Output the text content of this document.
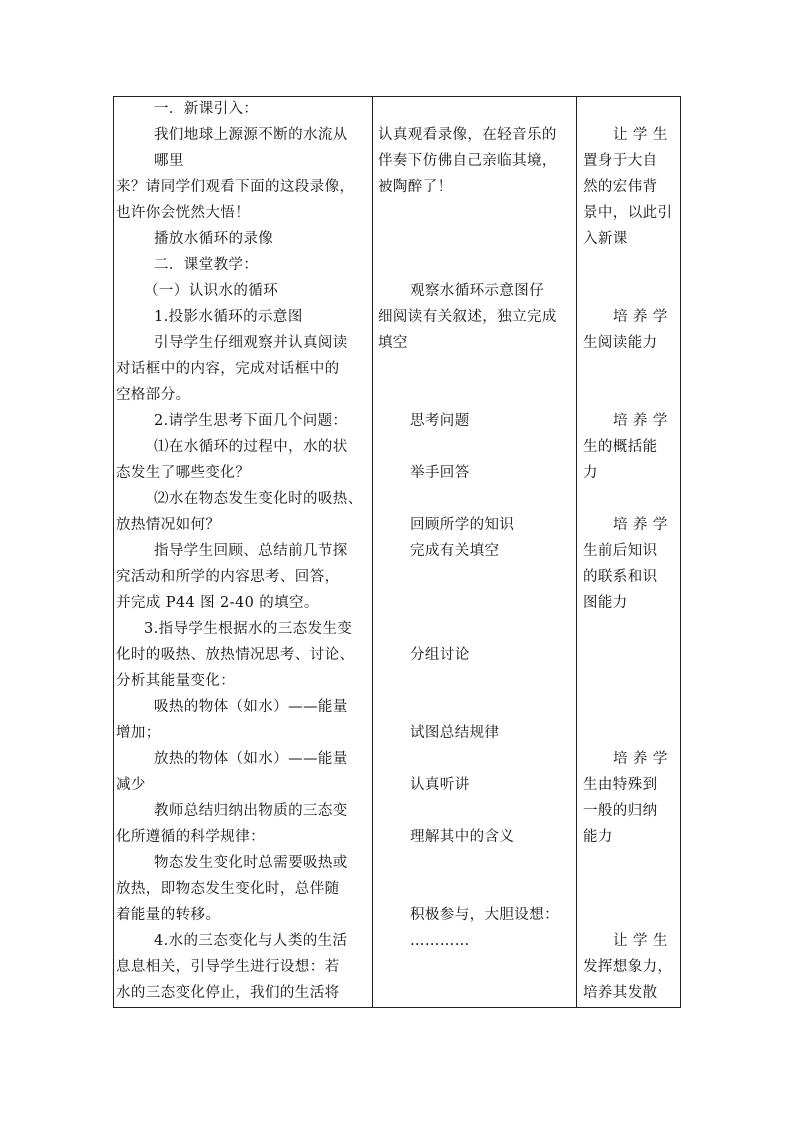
一．新课引入：
我们地球上源源不断的水流从
哪里
来？请同学们观看下面的这段录像，
也许你会恍然大悟！
播放水循环的录像
二．课堂教学：
（一）认识水的循环
1.投影水循环的示意图
引导学生仔细观察并认真阅读
对话框中的内容，完成对话框中的
空格部分。
2.请学生思考下面几个问题：
⑴在水循环的过程中，水的状
态发生了哪些变化？
⑵水在物态发生变化时的吸热、
放热情况如何？
指导学生回顾、总结前几节探
究活动和所学的内容思考、回答，
并完成 P44 图 2-40 的填空。
3.指导学生根据水的三态发生变
化时的吸热、放热情况思考、讨论、
分析其能量变化：
吸热的物体（如水）——能量
增加；
放热的物体（如水）——能量
减少
教师总结归纳出物质的三态变
化所遵循的科学规律：
物态发生变化时总需要吸热或
放热，即物态发生变化时，总伴随
着能量的转移。
4.水的三态变化与人类的生活
息息相关，引导学生进行设想：若
水的三态变化停止，我们的生活将
认真观看录像，在轻音乐的
伴奏下仿佛自己亲临其境，
被陶醉了！
观察水循环示意图仔
细阅读有关叙述，独立完成
填空
思考问题
举手回答
回顾所学的知识
完成有关填空
分组讨论
试图总结规律
认真听讲
理解其中的含义
积极参与，大胆设想：
…………
让 学 生
置身于大自
然的宏伟背
景中，以此引
入新课
培 养 学
生阅读能力
培 养 学
生的概括能
力
培 养 学
生前后知识
的联系和识
图能力
培 养 学
生由特殊到
一般的归纳
能力
让 学 生
发挥想象力，
培养其发散
